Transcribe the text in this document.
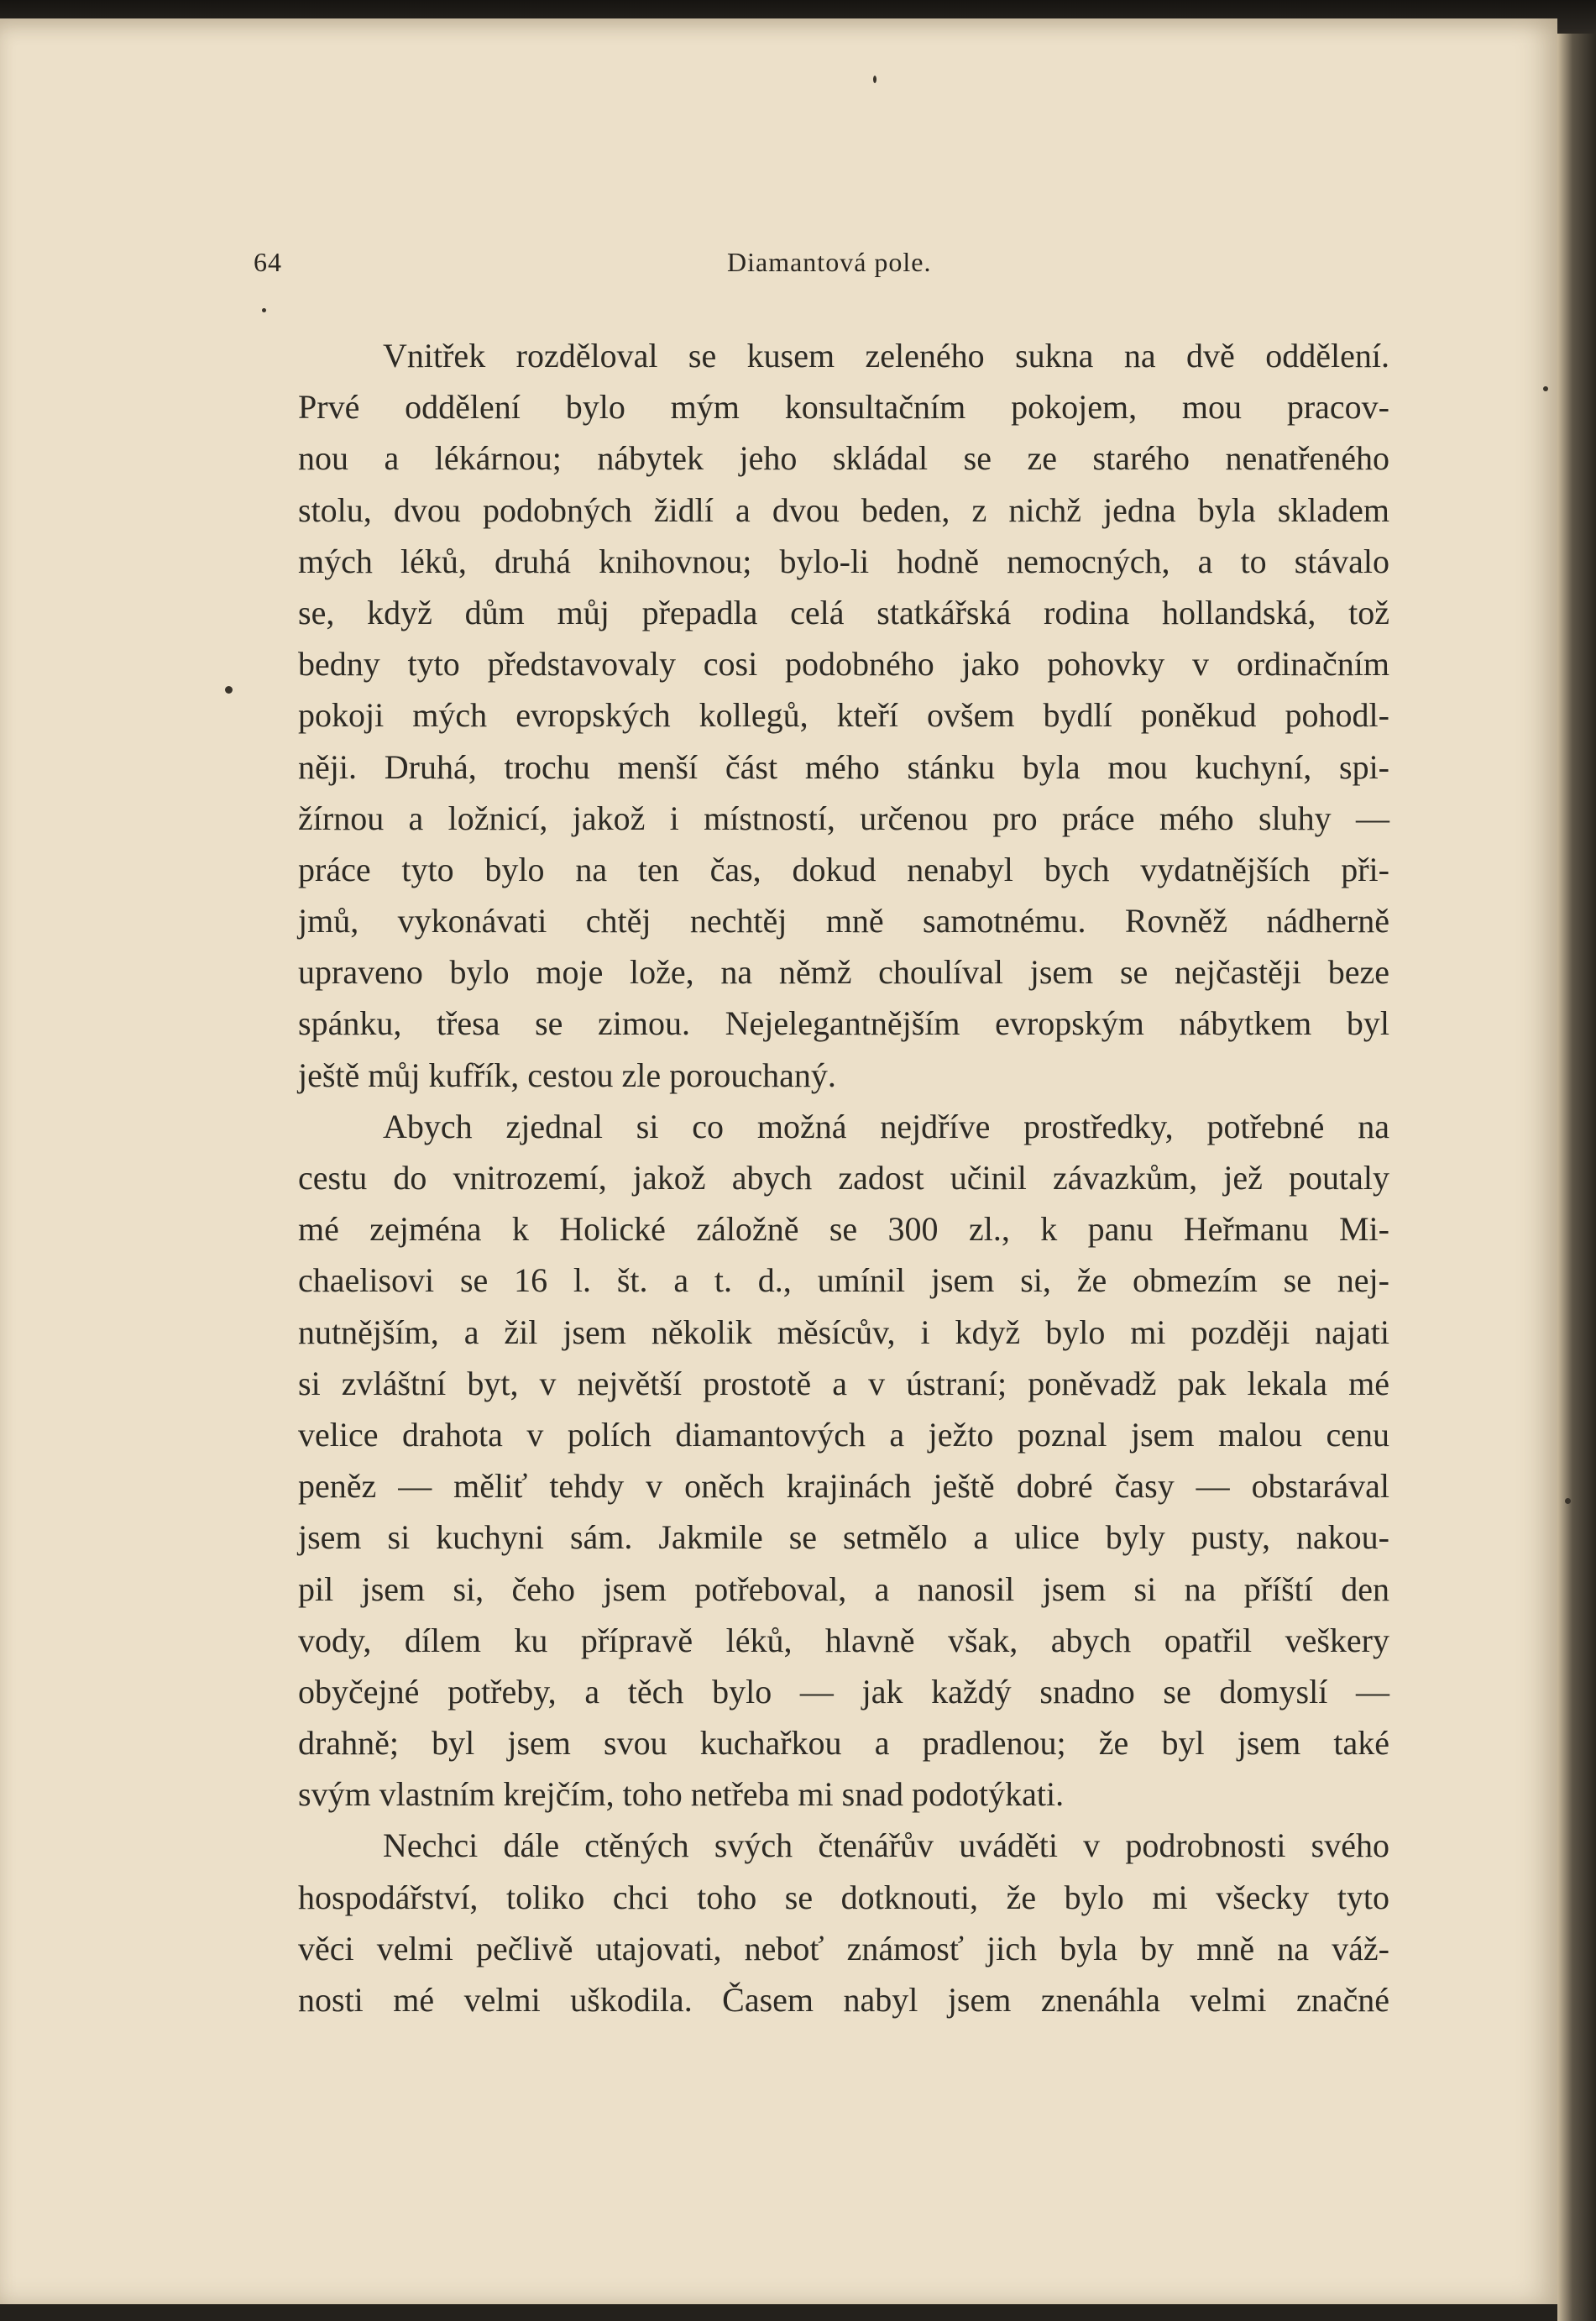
64	Diamantová pole.

Vnitřek rozděloval se kusem zeleného sukna na dvě oddělení.
Prvé oddělení bylo mým konsultačním pokojem, mou pracov-
nou a lékárnou; nábytek jeho skládal se ze starého nenatřeného
stolu, dvou podobných židlí a dvou beden, z nichž jedna byla skladem
mých léků, druhá knihovnou; bylo-li hodně nemocných, a to stávalo
se, když dům můj přepadla celá statkářská rodina hollandská, tož
bedny tyto představovaly cosi podobného jako pohovky v ordinačním
pokoji mých evropských kollegů, kteří ovšem bydlí poněkud pohodl-
něji. Druhá, trochu menší část mého stánku byla mou kuchyní, spi-
žírnou a ložnicí, jakož i místností, určenou pro práce mého sluhy —
práce tyto bylo na ten čas, dokud nenabyl bych vydatnějších při-
jmů, vykonávati chtěj nechtěj mně samotnému. Rovněž nádherně
upraveno bylo moje lože, na němž choulíval jsem se nejčastěji beze
spánku, třesa se zimou. Nejelegantnějším evropským nábytkem byl
ještě můj kufřík, cestou zle porouchaný.

Abych zjednal si co možná nejdříve prostředky, potřebné na
cestu do vnitrozemí, jakož abych zadost učinil závazkům, jež poutaly
mé zejména k Holické záložně se 300 zl., k panu Heřmanu Mi-
chaelisovi se 16 l. št. a t. d., umínil jsem si, že obmezím se nej-
nutnějším, a žil jsem několik měsícův, i když bylo mi později najati
si zvláštní byt, v největší prostotě a v ústraní; poněvadž pak lekala mé
velice drahota v polích diamantových a ježto poznal jsem malou cenu
peněz — měliť tehdy v oněch krajinách ještě dobré časy — obstarával
jsem si kuchyni sám. Jakmile se setmělo a ulice byly pusty, nakou-
pil jsem si, čeho jsem potřeboval, a nanosil jsem si na příští den
vody, dílem ku přípravě léků, hlavně však, abych opatřil veškery
obyčejné potřeby, a těch bylo — jak každý snadno se domyslí —
drahně; byl jsem svou kuchařkou a pradlenou; že byl jsem také
svým vlastním krejčím, toho netřeba mi snad podotýkati.

Nechci dále ctěných svých čtenářův uváděti v podrobnosti svého
hospodářství, toliko chci toho se dotknouti, že bylo mi všecky tyto
věci velmi pečlivě utajovati, neboť známosť jich byla by mně na váž-
nosti mé velmi uškodila. Časem nabyl jsem znenáhla velmi značné
